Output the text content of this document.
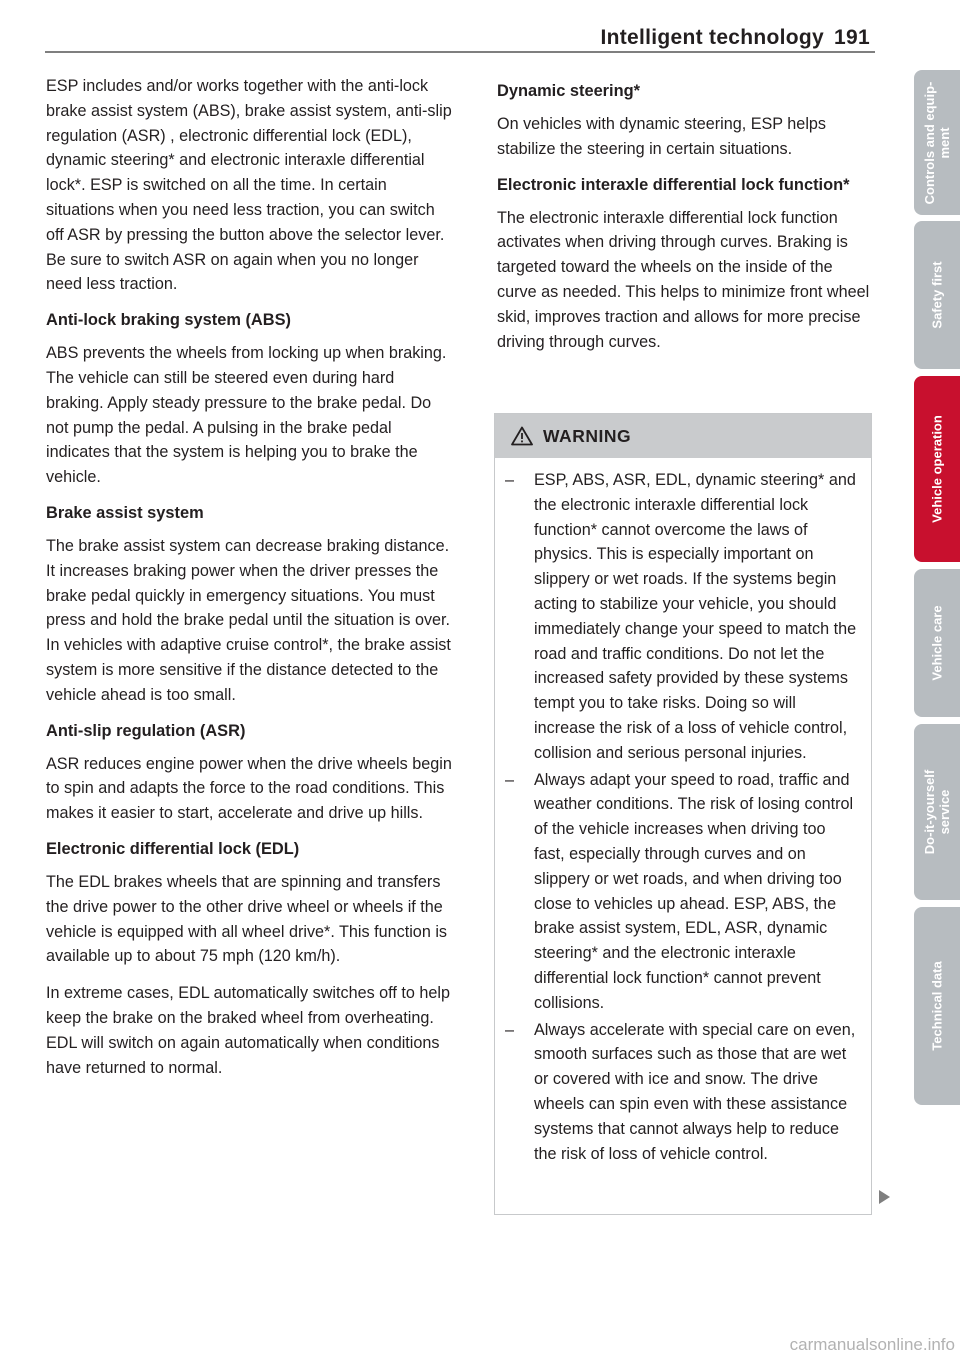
Intelligent technology 191

ESP includes and/or works together with the anti-lock brake assist system (ABS), brake assist system, anti-slip regulation (ASR) , electronic differential lock (EDL), dynamic steering* and electronic interaxle differential lock*. ESP is switched on all the time. In certain situations when you need less traction, you can switch off ASR by pressing the button above the selector lever. Be sure to switch ASR on again when you no longer need less traction.

Anti-lock braking system (ABS)

ABS prevents the wheels from locking up when braking. The vehicle can still be steered even during hard braking. Apply steady pressure to the brake pedal. Do not pump the pedal. A pulsing in the brake pedal indicates that the system is helping you to brake the vehicle.

Brake assist system

The brake assist system can decrease braking distance. It increases braking power when the driver presses the brake pedal quickly in emergency situations. You must press and hold the brake pedal until the situation is over. In vehicles with adaptive cruise control*, the brake assist system is more sensitive if the distance detected to the vehicle ahead is too small.

Anti-slip regulation (ASR)

ASR reduces engine power when the drive wheels begin to spin and adapts the force to the road conditions. This makes it easier to start, accelerate and drive up hills.

Electronic differential lock (EDL)

The EDL brakes wheels that are spinning and transfers the drive power to the other drive wheel or wheels if the vehicle is equipped with all wheel drive*. This function is available up to about 75 mph (120 km/h).

In extreme cases, EDL automatically switches off to help keep the brake on the braked wheel from overheating. EDL will switch on again automatically when conditions have returned to normal.

Dynamic steering*

On vehicles with dynamic steering, ESP helps stabilize the steering in certain situations.

Electronic interaxle differential lock function*

The electronic interaxle differential lock function activates when driving through curves. Braking is targeted toward the wheels on the inside of the curve as needed. This helps to minimize front wheel skid, improves traction and allows for more precise driving through curves.

WARNING
– ESP, ABS, ASR, EDL, dynamic steering* and the electronic interaxle differential lock function* cannot overcome the laws of physics. This is especially important on slippery or wet roads. If the systems begin acting to stabilize your vehicle, you should immediately change your speed to match the road and traffic conditions. Do not let the increased safety provided by these systems tempt you to take risks. Doing so will increase the risk of a loss of vehicle control, collision and serious personal injuries.
– Always adapt your speed to road, traffic and weather conditions. The risk of losing control of the vehicle increases when driving too fast, especially through curves and on slippery or wet roads, and when driving too close to vehicles up ahead. ESP, ABS, the brake assist system, EDL, ASR, dynamic steering* and the electronic interaxle differential lock function* cannot prevent collisions.
– Always accelerate with special care on even, smooth surfaces such as those that are wet or covered with ice and snow. The drive wheels can spin even with these assistance systems that cannot always help to reduce the risk of loss of vehicle control.
Controls and equip-
ment
Safety first
Vehicle operation
Vehicle care
Do-it-yourself
service
Technical data
carmanualsonline.info
